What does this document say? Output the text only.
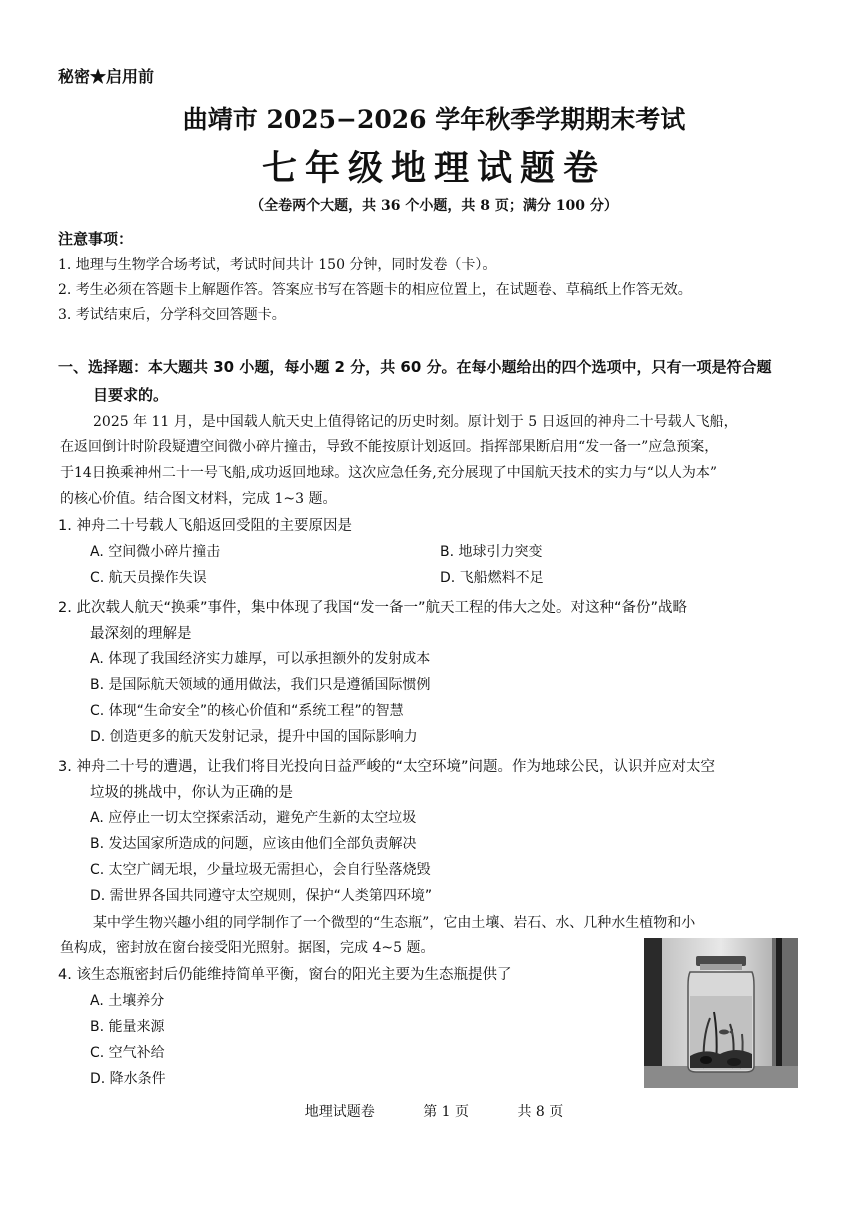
秘密★启用前
曲靖市 2025−2026 学年秋季学期期末考试
七年级地理试题卷
（全卷两个大题，共 36 个小题，共 8 页；满分 100 分）
注意事项：
1. 地理与生物学合场考试，考试时间共计 150 分钟，同时发卷（卡）。
2. 考生必须在答题卡上解题作答。答案应书写在答题卡的相应位置上，在试题卷、草稿纸上作答无效。
3. 考试结束后，分学科交回答题卡。
一、选择题：本大题共 30 小题，每小题 2 分，共 60 分。在每小题给出的四个选项中，只有一项是符合题
目要求的。
2025 年 11 月，是中国载人航天史上值得铭记的历史时刻。原计划于 5 日返回的神舟二十号载人飞船，
在返回倒计时阶段疑遭空间微小碎片撞击，导致不能按原计划返回。指挥部果断启用“发一备一”应急预案，
于14日换乘神州二十一号飞船,成功返回地球。这次应急任务,充分展现了中国航天技术的实力与“以人为本”
的核心价值。结合图文材料，完成 1~3 题。
1. 神舟二十号载人飞船返回受阻的主要原因是
A. 空间微小碎片撞击	B. 地球引力突变
C. 航天员操作失误	D. 飞船燃料不足
2. 此次载人航天“换乘”事件，集中体现了我国“发一备一”航天工程的伟大之处。对这种“备份”战略
最深刻的理解是
A. 体现了我国经济实力雄厚，可以承担额外的发射成本
B. 是国际航天领域的通用做法，我们只是遵循国际惯例
C. 体现“生命安全”的核心价值和“系统工程”的智慧
D. 创造更多的航天发射记录，提升中国的国际影响力
3. 神舟二十号的遭遇，让我们将目光投向日益严峻的“太空环境”问题。作为地球公民，认识并应对太空
垃圾的挑战中，你认为正确的是
A. 应停止一切太空探索活动，避免产生新的太空垃圾
B. 发达国家所造成的问题，应该由他们全部负责解决
C. 太空广阔无垠，少量垃圾无需担心，会自行坠落烧毁
D. 需世界各国共同遵守太空规则，保护“人类第四环境”
某中学生物兴趣小组的同学制作了一个微型的“生态瓶”，它由土壤、岩石、水、几种水生植物和小
鱼构成，密封放在窗台接受阳光照射。据图，完成 4~5 题。
4. 该生态瓶密封后仍能维持简单平衡，窗台的阳光主要为生态瓶提供了
A. 土壤养分
B. 能量来源
C. 空气补给
D. 降水条件
地理试题卷	第 1 页	共 8 页
